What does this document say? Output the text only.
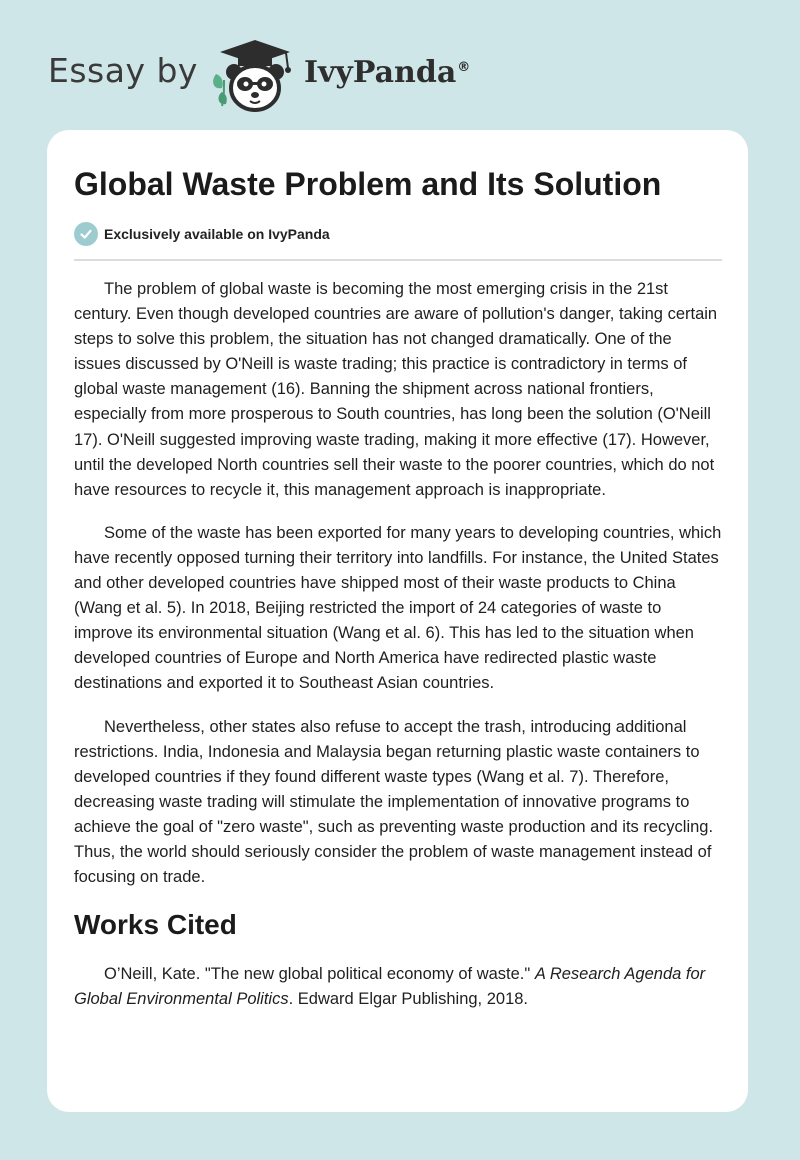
Essay by	IvyPanda®
Global Waste Problem and Its Solution
Exclusively available on IvyPanda

The problem of global waste is becoming the most emerging crisis in the 21st century. Even though developed countries are aware of pollution's danger, taking certain steps to solve this problem, the situation has not changed dramatically. One of the issues discussed by O'Neill is waste trading; this practice is contradictory in terms of global waste management (16). Banning the shipment across national frontiers, especially from more prosperous to South countries, has long been the solution (O'Neill 17). O'Neill suggested improving waste trading, making it more effective (17). However, until the developed North countries sell their waste to the poorer countries, which do not have resources to recycle it, this management approach is inappropriate.

Some of the waste has been exported for many years to developing countries, which have recently opposed turning their territory into landfills. For instance, the United States and other developed countries have shipped most of their waste products to China (Wang et al. 5). In 2018, Beijing restricted the import of 24 categories of waste to improve its environmental situation (Wang et al. 6). This has led to the situation when developed countries of Europe and North America have redirected plastic waste destinations and exported it to Southeast Asian countries.

Nevertheless, other states also refuse to accept the trash, introducing additional restrictions. India, Indonesia and Malaysia began returning plastic waste containers to developed countries if they found different waste types (Wang et al. 7). Therefore, decreasing waste trading will stimulate the implementation of innovative programs to achieve the goal of "zero waste", such as preventing waste production and its recycling. Thus, the world should seriously consider the problem of waste management instead of focusing on trade.

Works Cited

O’Neill, Kate. "The new global political economy of waste." A Research Agenda for Global Environmental Politics. Edward Elgar Publishing, 2018.
